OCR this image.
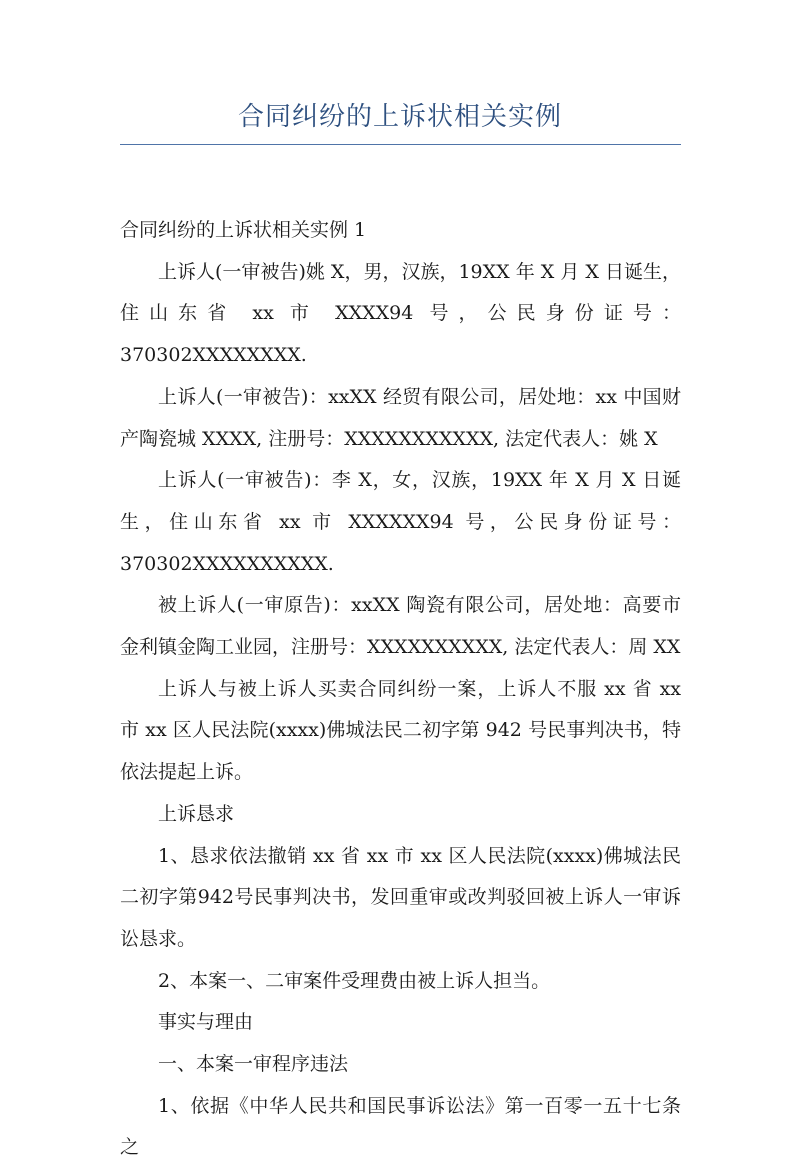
合同纠纷的上诉状相关实例

合同纠纷的上诉状相关实例 1

上诉人(一审被告)姚 X，男，汉族，19XX 年 X 月 X 日诞生，住山东省 xx 市 XXXX94 号，公民身份证号：370302XXXXXXXX.

上诉人(一审被告)：xxXX 经贸有限公司，居处地：xx 中国财产陶瓷城 XXXX, 注册号：XXXXXXXXXXX, 法定代表人：姚 X

上诉人(一审被告)：李 X，女，汉族，19XX 年 X 月 X 日诞生，住山东省 xx 市 XXXXXX94 号，公民身份证号：370302XXXXXXXXXX.

被上诉人(一审原告)：xxXX 陶瓷有限公司，居处地：高要市金利镇金陶工业园，注册号：XXXXXXXXXX, 法定代表人：周 XX

上诉人与被上诉人买卖合同纠纷一案，上诉人不服 xx 省 xx 市 xx 区人民法院(xxxx)佛城法民二初字第 942 号民事判决书，特依法提起上诉。

上诉恳求

1、恳求依法撤销 xx 省 xx 市 xx 区人民法院(xxxx)佛城法民二初字第942号民事判决书，发回重审或改判驳回被上诉人一审诉讼恳求。

2、本案一、二审案件受理费由被上诉人担当。

事实与理由

一、本案一审程序违法

1、依据《中华人民共和国民事诉讼法》第一百零一五十七条之
